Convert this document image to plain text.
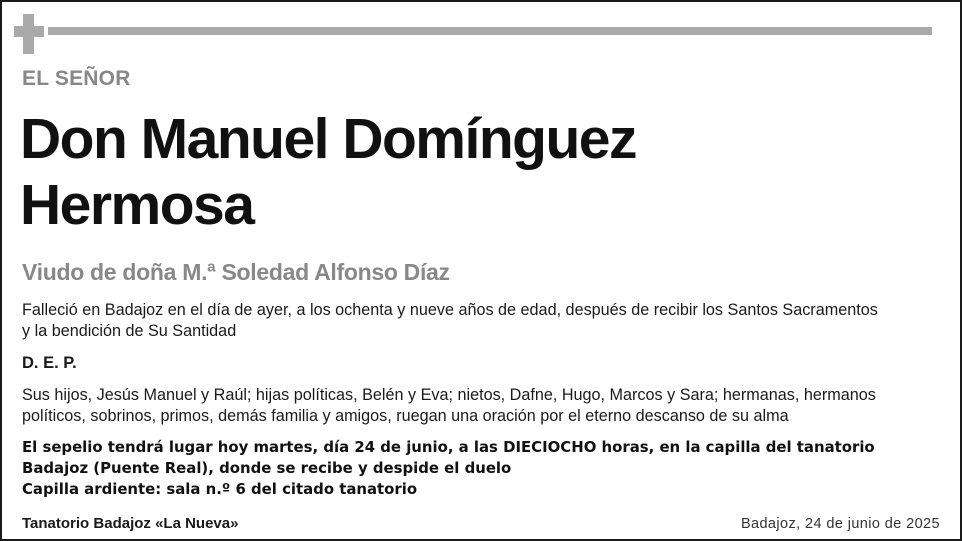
EL SEÑOR
Don Manuel Domínguez
Hermosa
Viudo de doña M.ª Soledad Alfonso Díaz
Falleció en Badajoz en el día de ayer, a los ochenta y nueve años de edad, después de recibir los Santos Sacramentos
y la bendición de Su Santidad
D. E. P.
Sus hijos, Jesús Manuel y Raúl; hijas políticas, Belén y Eva; nietos, Dafne, Hugo, Marcos y Sara; hermanas, hermanos
políticos, sobrinos, primos, demás familia y amigos, ruegan una oración por el eterno descanso de su alma
El sepelio tendrá lugar hoy martes, día 24 de junio, a las DIECIOCHO horas, en la capilla del tanatorio
Badajoz (Puente Real), donde se recibe y despide el duelo
Capilla ardiente: sala n.º 6 del citado tanatorio
Tanatorio Badajoz «La Nueva»	Badajoz, 24 de junio de 2025
